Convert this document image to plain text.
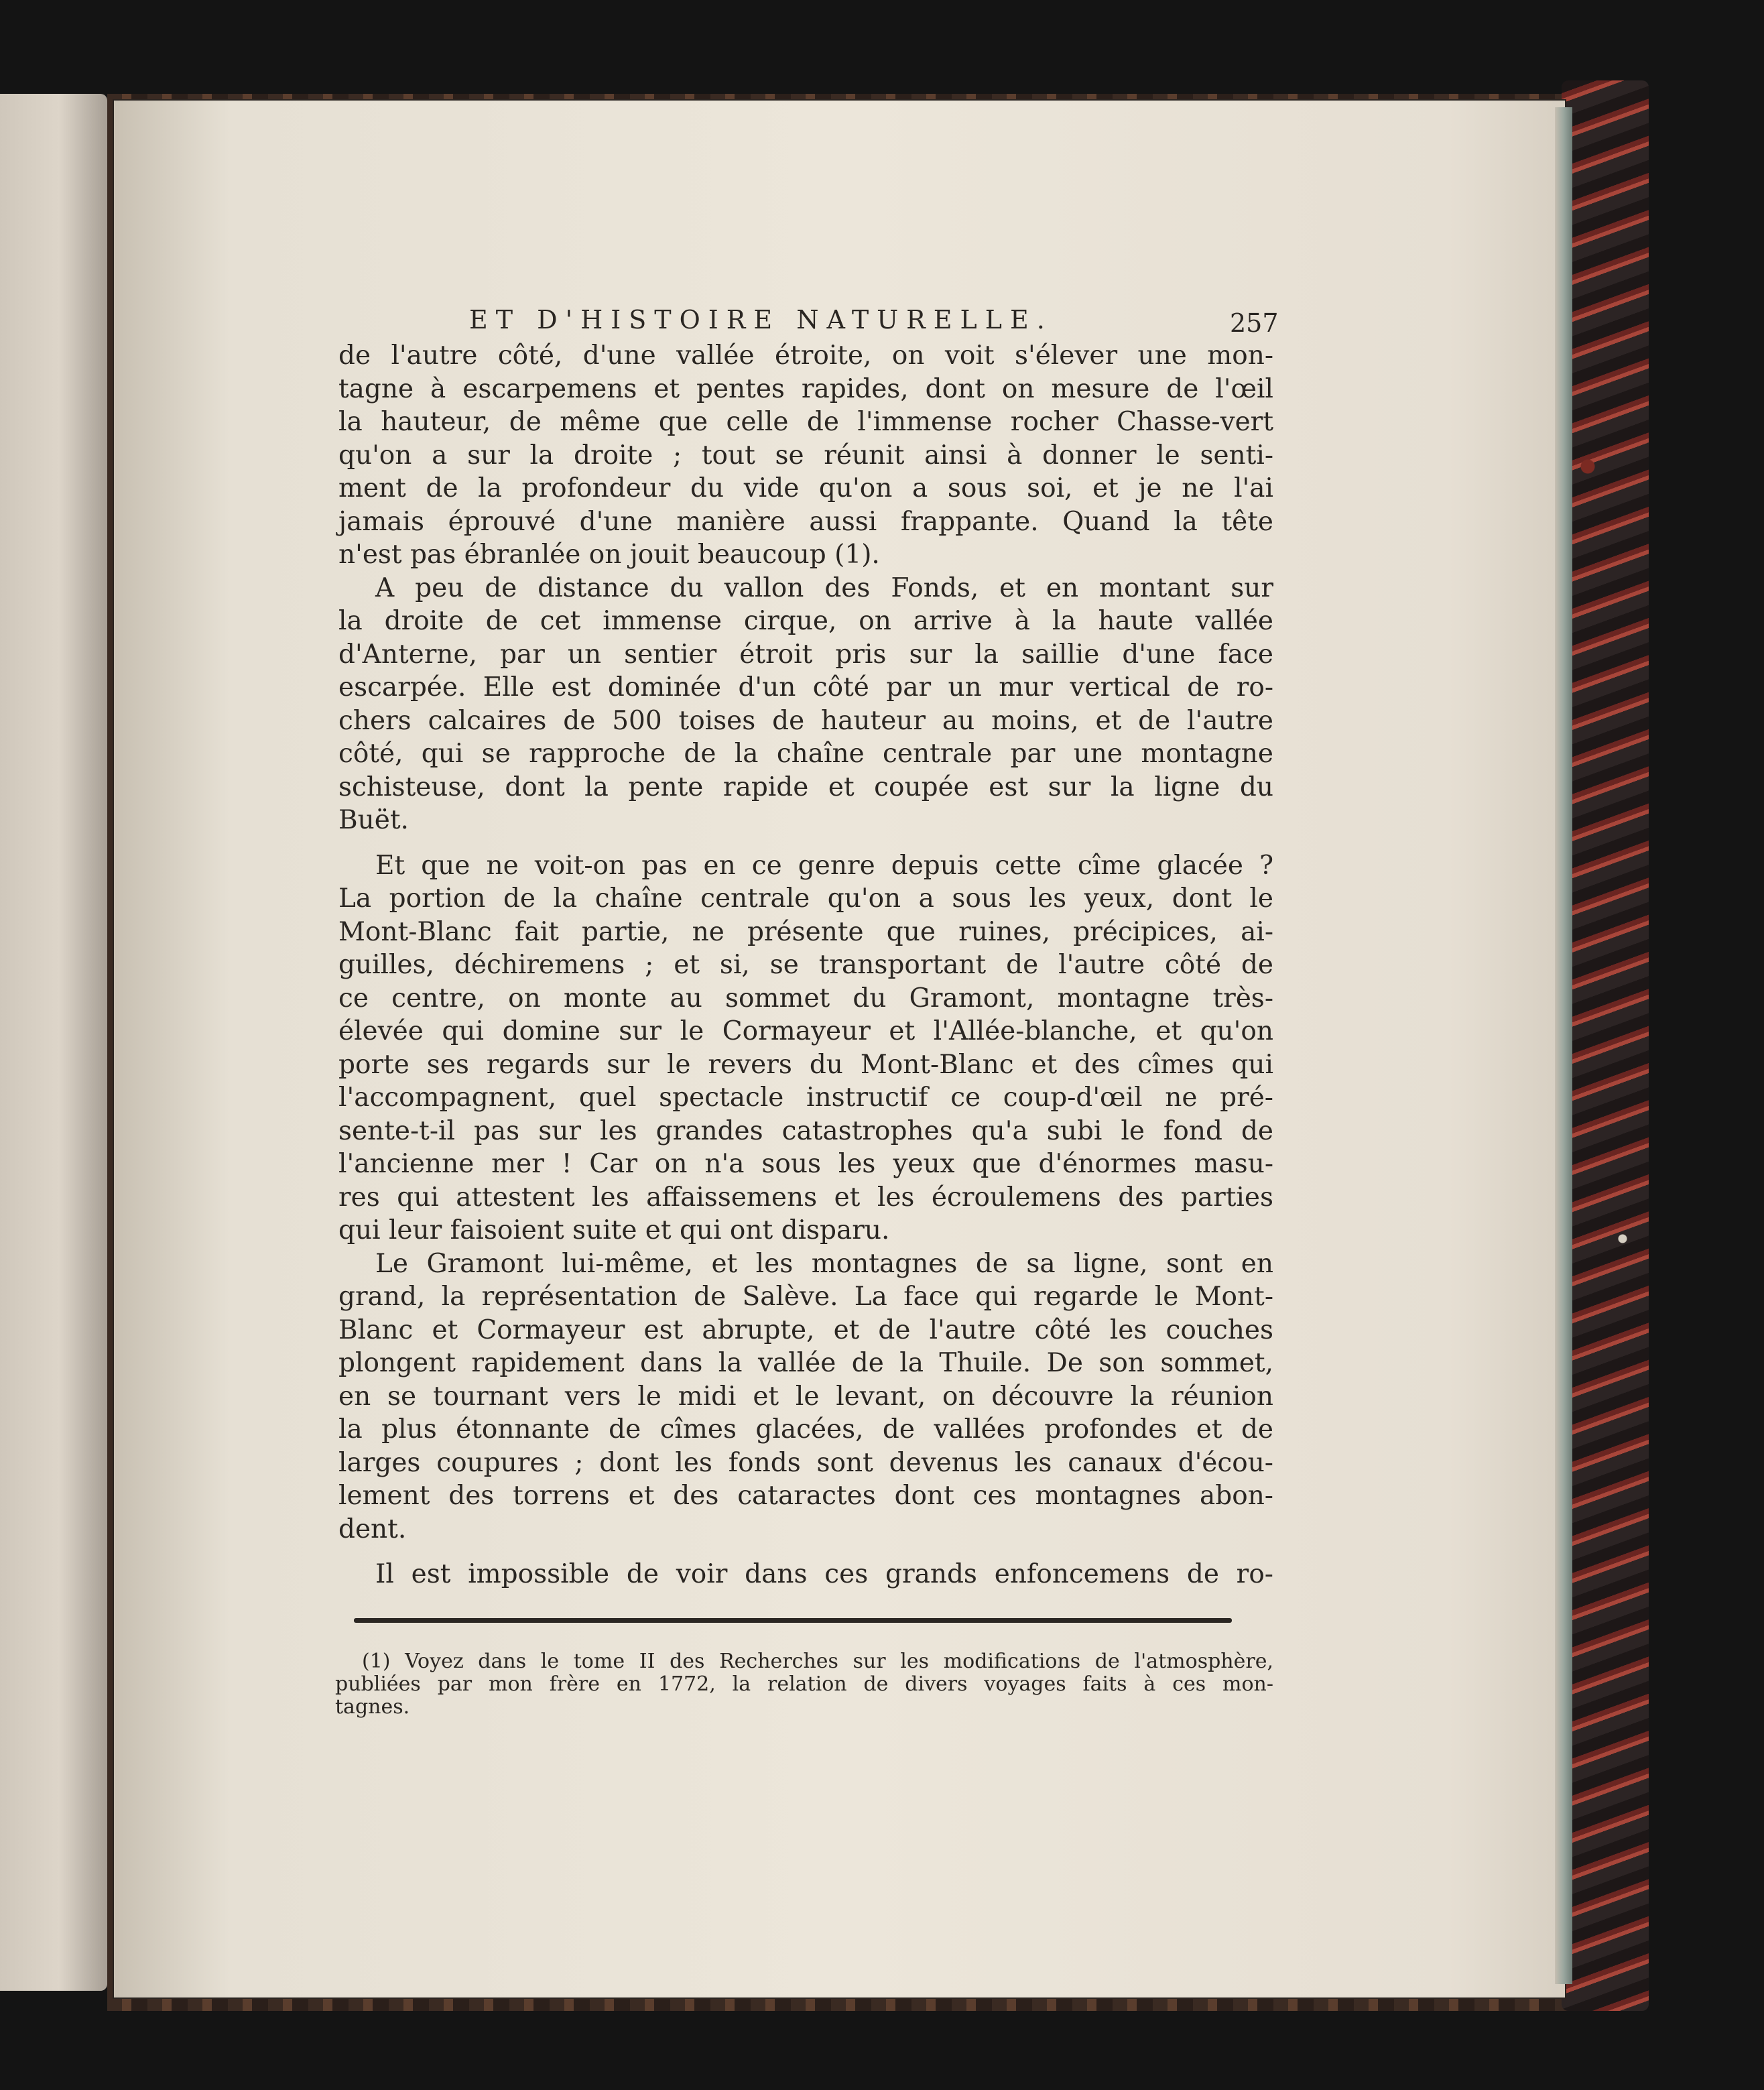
ET D'HISTOIRE NATURELLE.	257

de l'autre côté, d'une vallée étroite, on voit s'élever une mon-
tagne à escarpemens et pentes rapides, dont on mesure de l'œil
la hauteur, de même que celle de l'immense rocher Chasse-vert
qu'on a sur la droite ; tout se réunit ainsi à donner le senti-
ment de la profondeur du vide qu'on a sous soi, et je ne l'ai
jamais éprouvé d'une manière aussi frappante. Quand la tête
n'est pas ébranlée on jouit beaucoup (1).

A peu de distance du vallon des Fonds, et en montant sur
la droite de cet immense cirque, on arrive à la haute vallée
d'Anterne, par un sentier étroit pris sur la saillie d'une face
escarpée. Elle est dominée d'un côté par un mur vertical de ro-
chers calcaires de 500 toises de hauteur au moins, et de l'autre
côté, qui se rapproche de la chaîne centrale par une montagne
schisteuse, dont la pente rapide et coupée est sur la ligne du
Buët.

Et que ne voit-on pas en ce genre depuis cette cîme glacée ?
La portion de la chaîne centrale qu'on a sous les yeux, dont le
Mont-Blanc fait partie, ne présente que ruines, précipices, ai-
guilles, déchiremens ; et si, se transportant de l'autre côté de
ce centre, on monte au sommet du Gramont, montagne très-
élevée qui domine sur le Cormayeur et l'Allée-blanche, et qu'on
porte ses regards sur le revers du Mont-Blanc et des cîmes qui
l'accompagnent, quel spectacle instructif ce coup-d'œil ne pré-
sente-t-il pas sur les grandes catastrophes qu'a subi le fond de
l'ancienne mer ! Car on n'a sous les yeux que d'énormes masu-
res qui attestent les affaissemens et les écroulemens des parties
qui leur faisoient suite et qui ont disparu.

Le Gramont lui-même, et les montagnes de sa ligne, sont en
grand, la représentation de Salève. La face qui regarde le Mont-
Blanc et Cormayeur est abrupte, et de l'autre côté les couches
plongent rapidement dans la vallée de la Thuile. De son sommet,
en se tournant vers le midi et le levant, on découvre la réunion
la plus étonnante de cîmes glacées, de vallées profondes et de
larges coupures ; dont les fonds sont devenus les canaux d'écou-
lement des torrens et des cataractes dont ces montagnes abon-
dent.

Il est impossible de voir dans ces grands enfoncemens de ro-

(1) Voyez dans le tome II des Recherches sur les modifications de l'atmosphère,
publiées par mon frère en 1772, la relation de divers voyages faits à ces mon-
tagnes.
